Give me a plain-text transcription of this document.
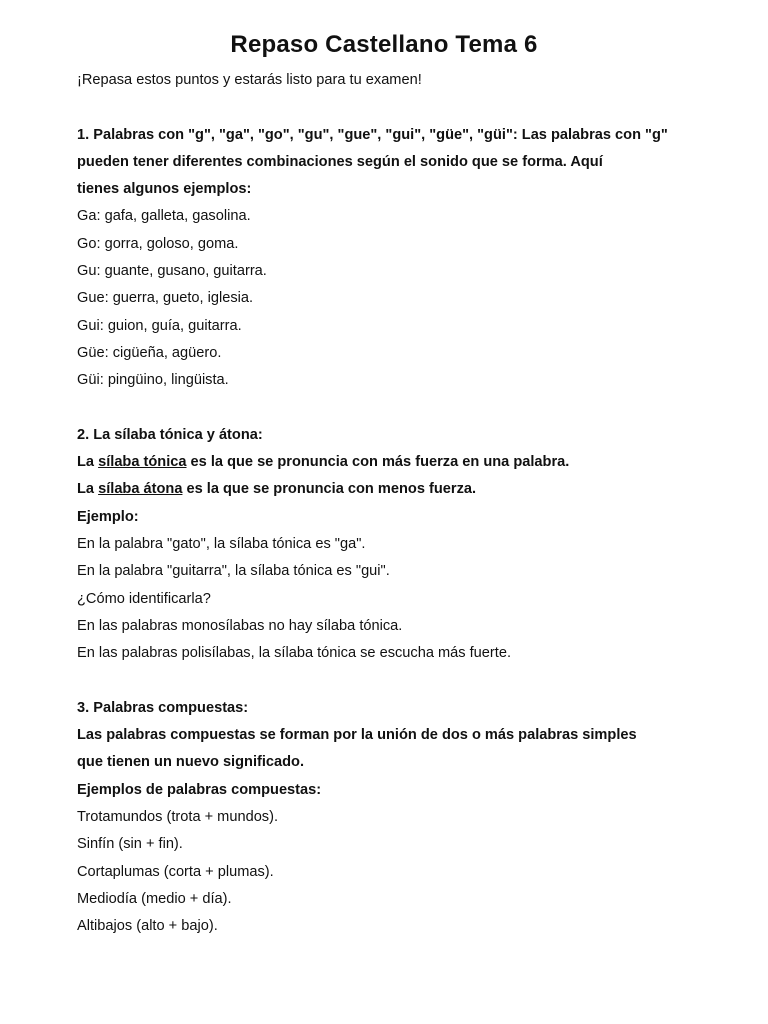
Repaso Castellano Tema 6
¡Repasa estos puntos y estarás listo para tu examen!
1. Palabras con "g", "ga", "go", "gu", "gue", "gui", "güe", "güi": Las palabras con "g"
pueden tener diferentes combinaciones según el sonido que se forma. Aquí
tienes algunos ejemplos:
Ga: gafa, galleta, gasolina.
Go: gorra, goloso, goma.
Gu: guante, gusano, guitarra.
Gue: guerra, gueto, iglesia.
Gui: guion, guía, guitarra.
Güe: cigüeña, agüero.
Güi: pingüino, lingüista.
2. La sílaba tónica y átona:
La sílaba tónica es la que se pronuncia con más fuerza en una palabra.
La sílaba átona es la que se pronuncia con menos fuerza.
Ejemplo:
En la palabra "gato", la sílaba tónica es "ga".
En la palabra "guitarra", la sílaba tónica es "gui".
¿Cómo identificarla?
En las palabras monosílabas no hay sílaba tónica.
En las palabras polisílabas, la sílaba tónica se escucha más fuerte.
3. Palabras compuestas:
Las palabras compuestas se forman por la unión de dos o más palabras simples
que tienen un nuevo significado.
Ejemplos de palabras compuestas:
Trotamundos (trota + mundos).
Sinfín (sin + fin).
Cortaplumas (corta + plumas).
Mediodía (medio + día).
Altibajos (alto + bajo).
